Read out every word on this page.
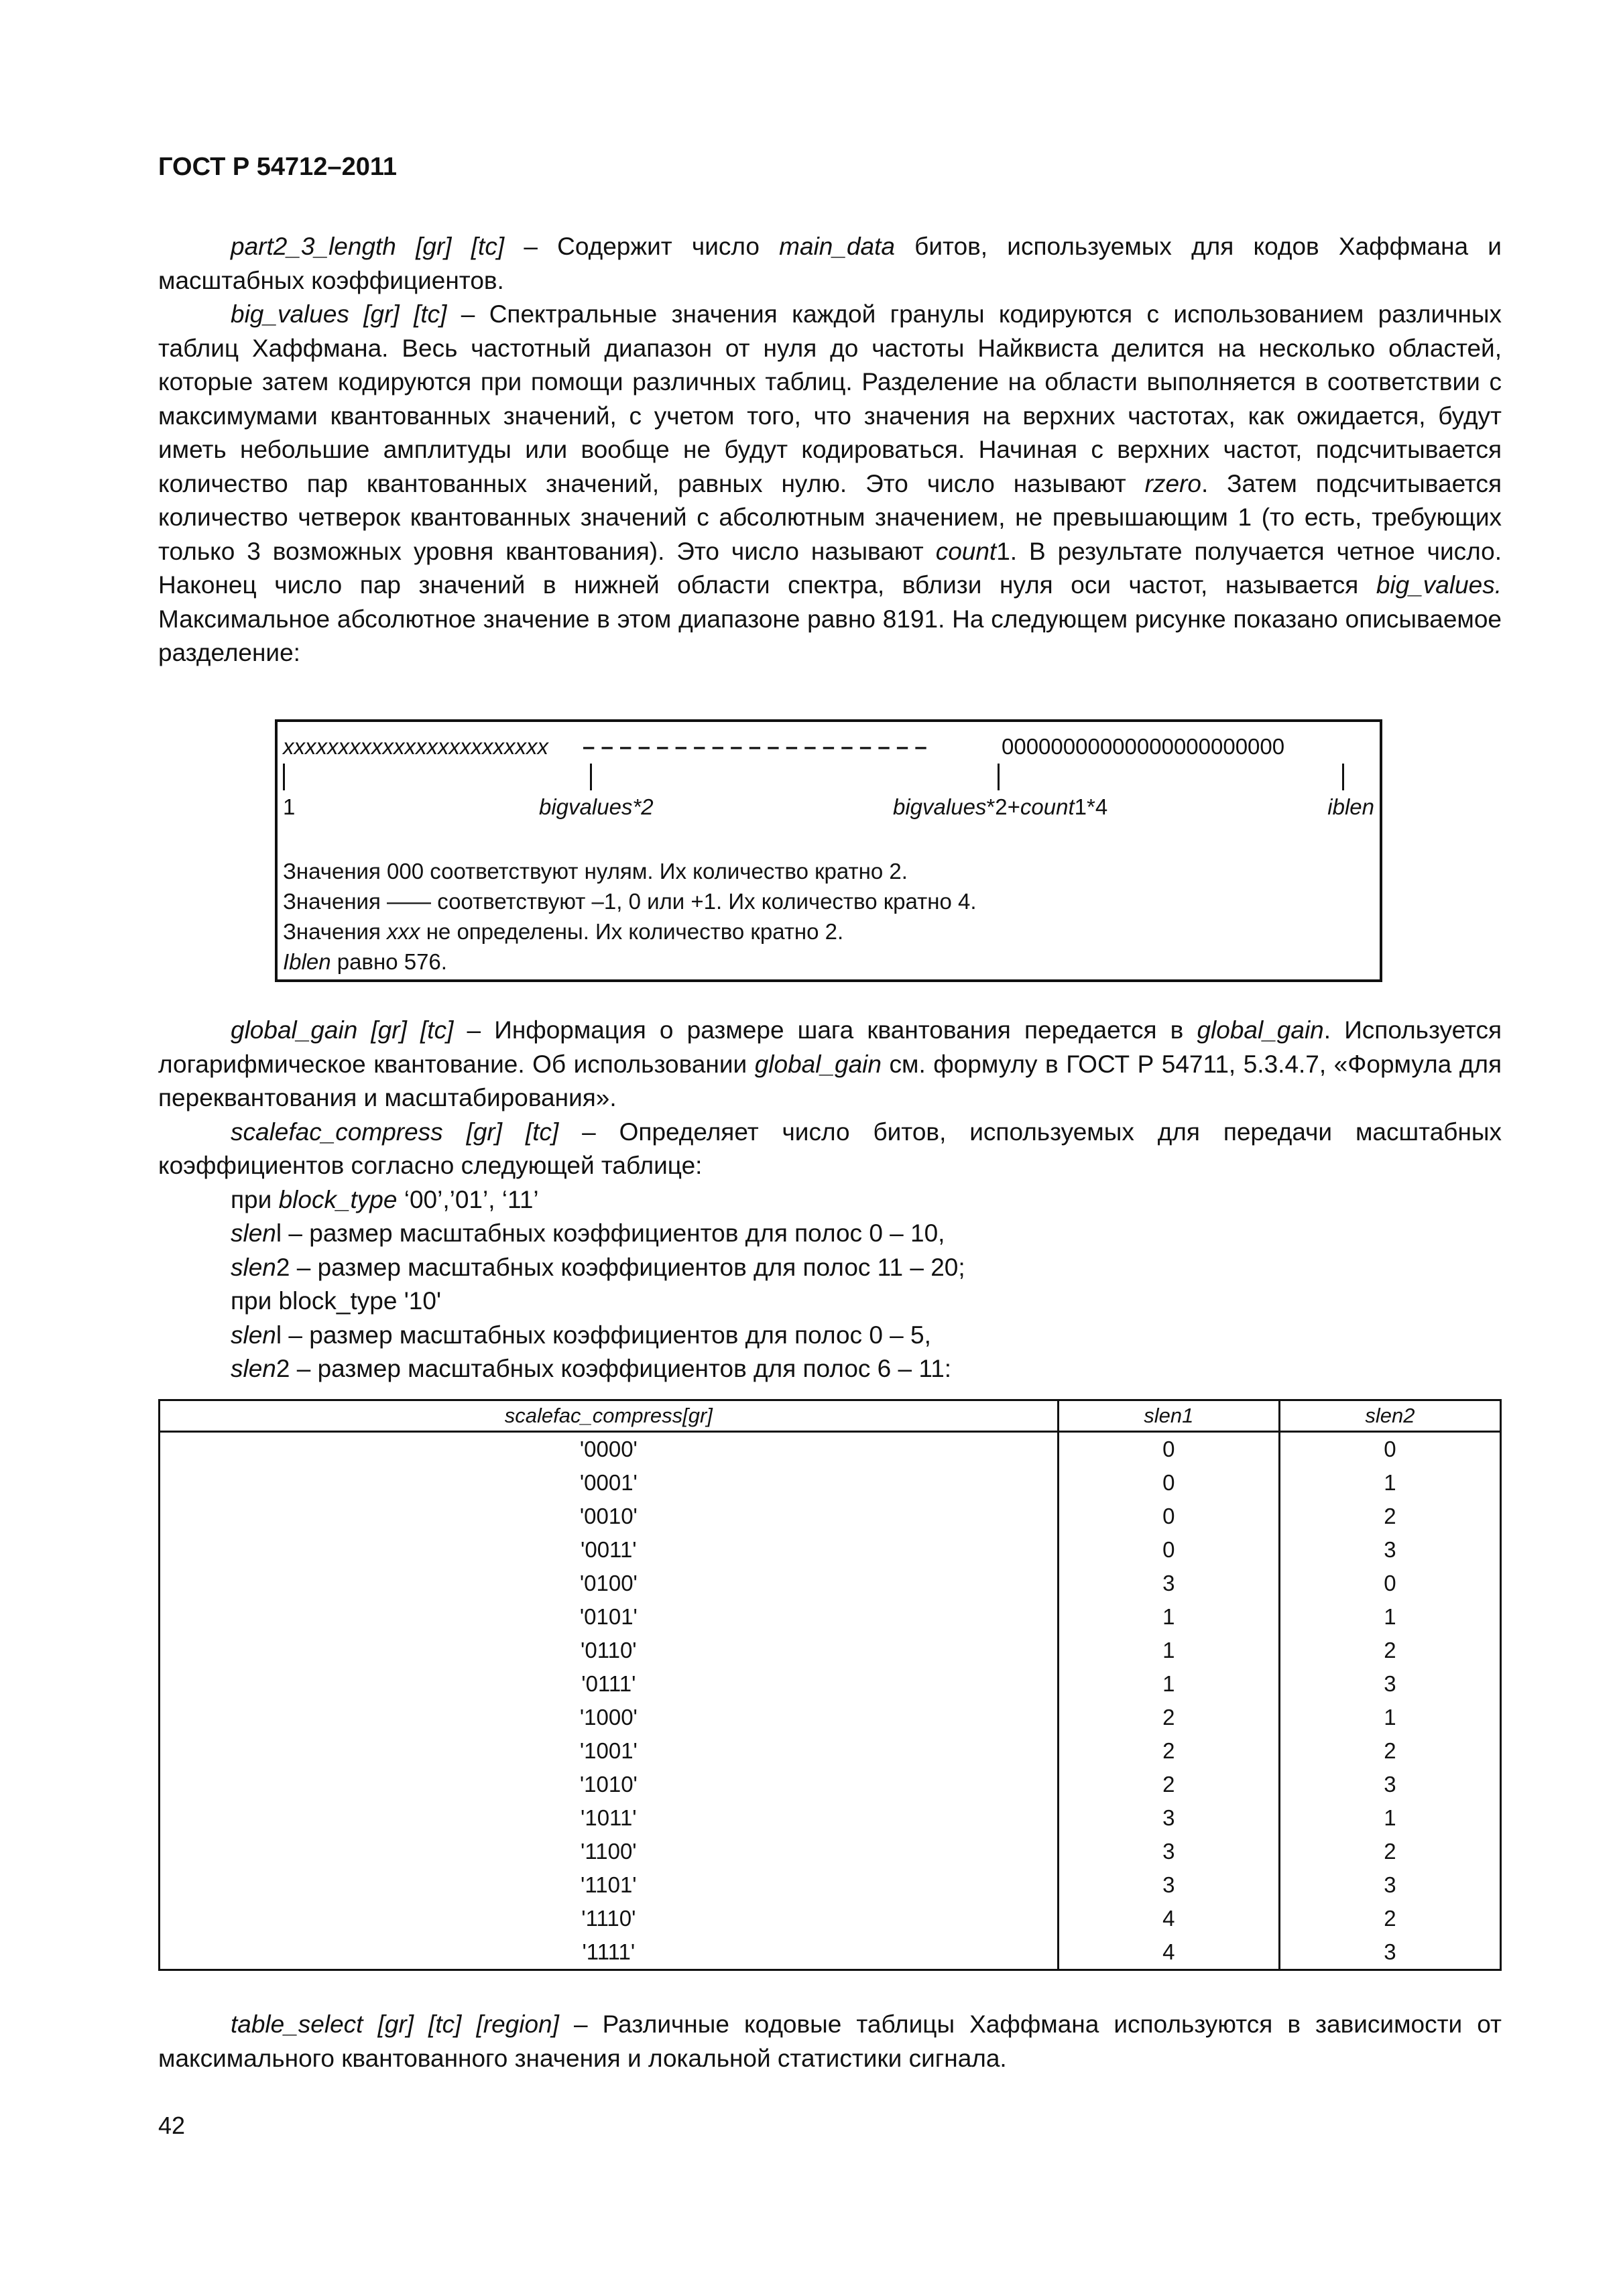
ГОСТ Р 54712–2011
part2_3_length [gr] [tc] – Содержит число main_data битов, используемых для кодов Хаффмана и масштабных коэффициентов.
big_values [gr] [tc] – Спектральные значения каждой гранулы кодируются с использованием различных таблиц Хаффмана. Весь частотный диапазон от нуля до частоты Найквиста делится на несколько областей, которые затем кодируются при помощи различных таблиц. Разделение на области выполняется в соответствии с максимумами квантованных значений, с учетом того, что значения на верхних частотах, как ожидается, будут иметь небольшие амплитуды или вообще не будут кодироваться. Начиная с верхних частот, подсчитывается количество пар квантованных значений, равных нулю. Это число называют rzero. Затем подсчитывается количество четверок квантованных значений с абсолютным значением, не превышающим 1 (то есть, требующих только 3 возможных уровня квантования). Это число называют count1. В результате получается четное число. Наконец число пар значений в нижней области спектра, вблизи нуля оси частот, называется big_values. Максимальное абсолютное значение в этом диапазоне равно 8191. На следующем рисунке показано описываемое разделение:
xxxxxxxxxxxxxxxxxxxxxxxx – – – – – – – – – – – – – – – – – – –	00000000000000000000000
1	bigvalues*2	bigvalues*2+count1*4	iblen
Значения 000 соответствуют нулям. Их количество кратно 2.
Значения —— соответствуют –1, 0 или +1. Их количество кратно 4.
Значения xxx не определены. Их количество кратно 2.
Iblen равно 576.
global_gain [gr] [tc] – Информация о размере шага квантования передается в global_gain. Используется логарифмическое квантование. Об использовании global_gain см. формулу в ГОСТ Р 54711, 5.3.4.7, «Формула для переквантования и масштабирования».
scalefac_compress [gr] [tc] – Определяет число битов, используемых для передачи масштабных коэффициентов согласно следующей таблице:
при block_type ‘00’,’01’, ‘11’
slenl – размер масштабных коэффициентов для полос 0 – 10,
slen2 – размер масштабных коэффициентов для полос 11 – 20;
при block_type '10'
slenl – размер масштабных коэффициентов для полос 0 – 5,
slen2 – размер масштабных коэффициентов для полос 6 – 11:
scalefac_compress[gr]	slen1	slen2
'0000'	0	0
'0001'	0	1
'0010'	0	2
'0011'	0	3
'0100'	3	0
'0101'	1	1
'0110'	1	2
'0111'	1	3
'1000'	2	1
'1001'	2	2
'1010'	2	3
'1011'	3	1
'1100'	3	2
'1101'	3	3
'1110'	4	2
'1111'	4	3
table_select [gr] [tc] [region] – Различные кодовые таблицы Хаффмана используются в зависимости от максимального квантованного значения и локальной статистики сигнала.
42
